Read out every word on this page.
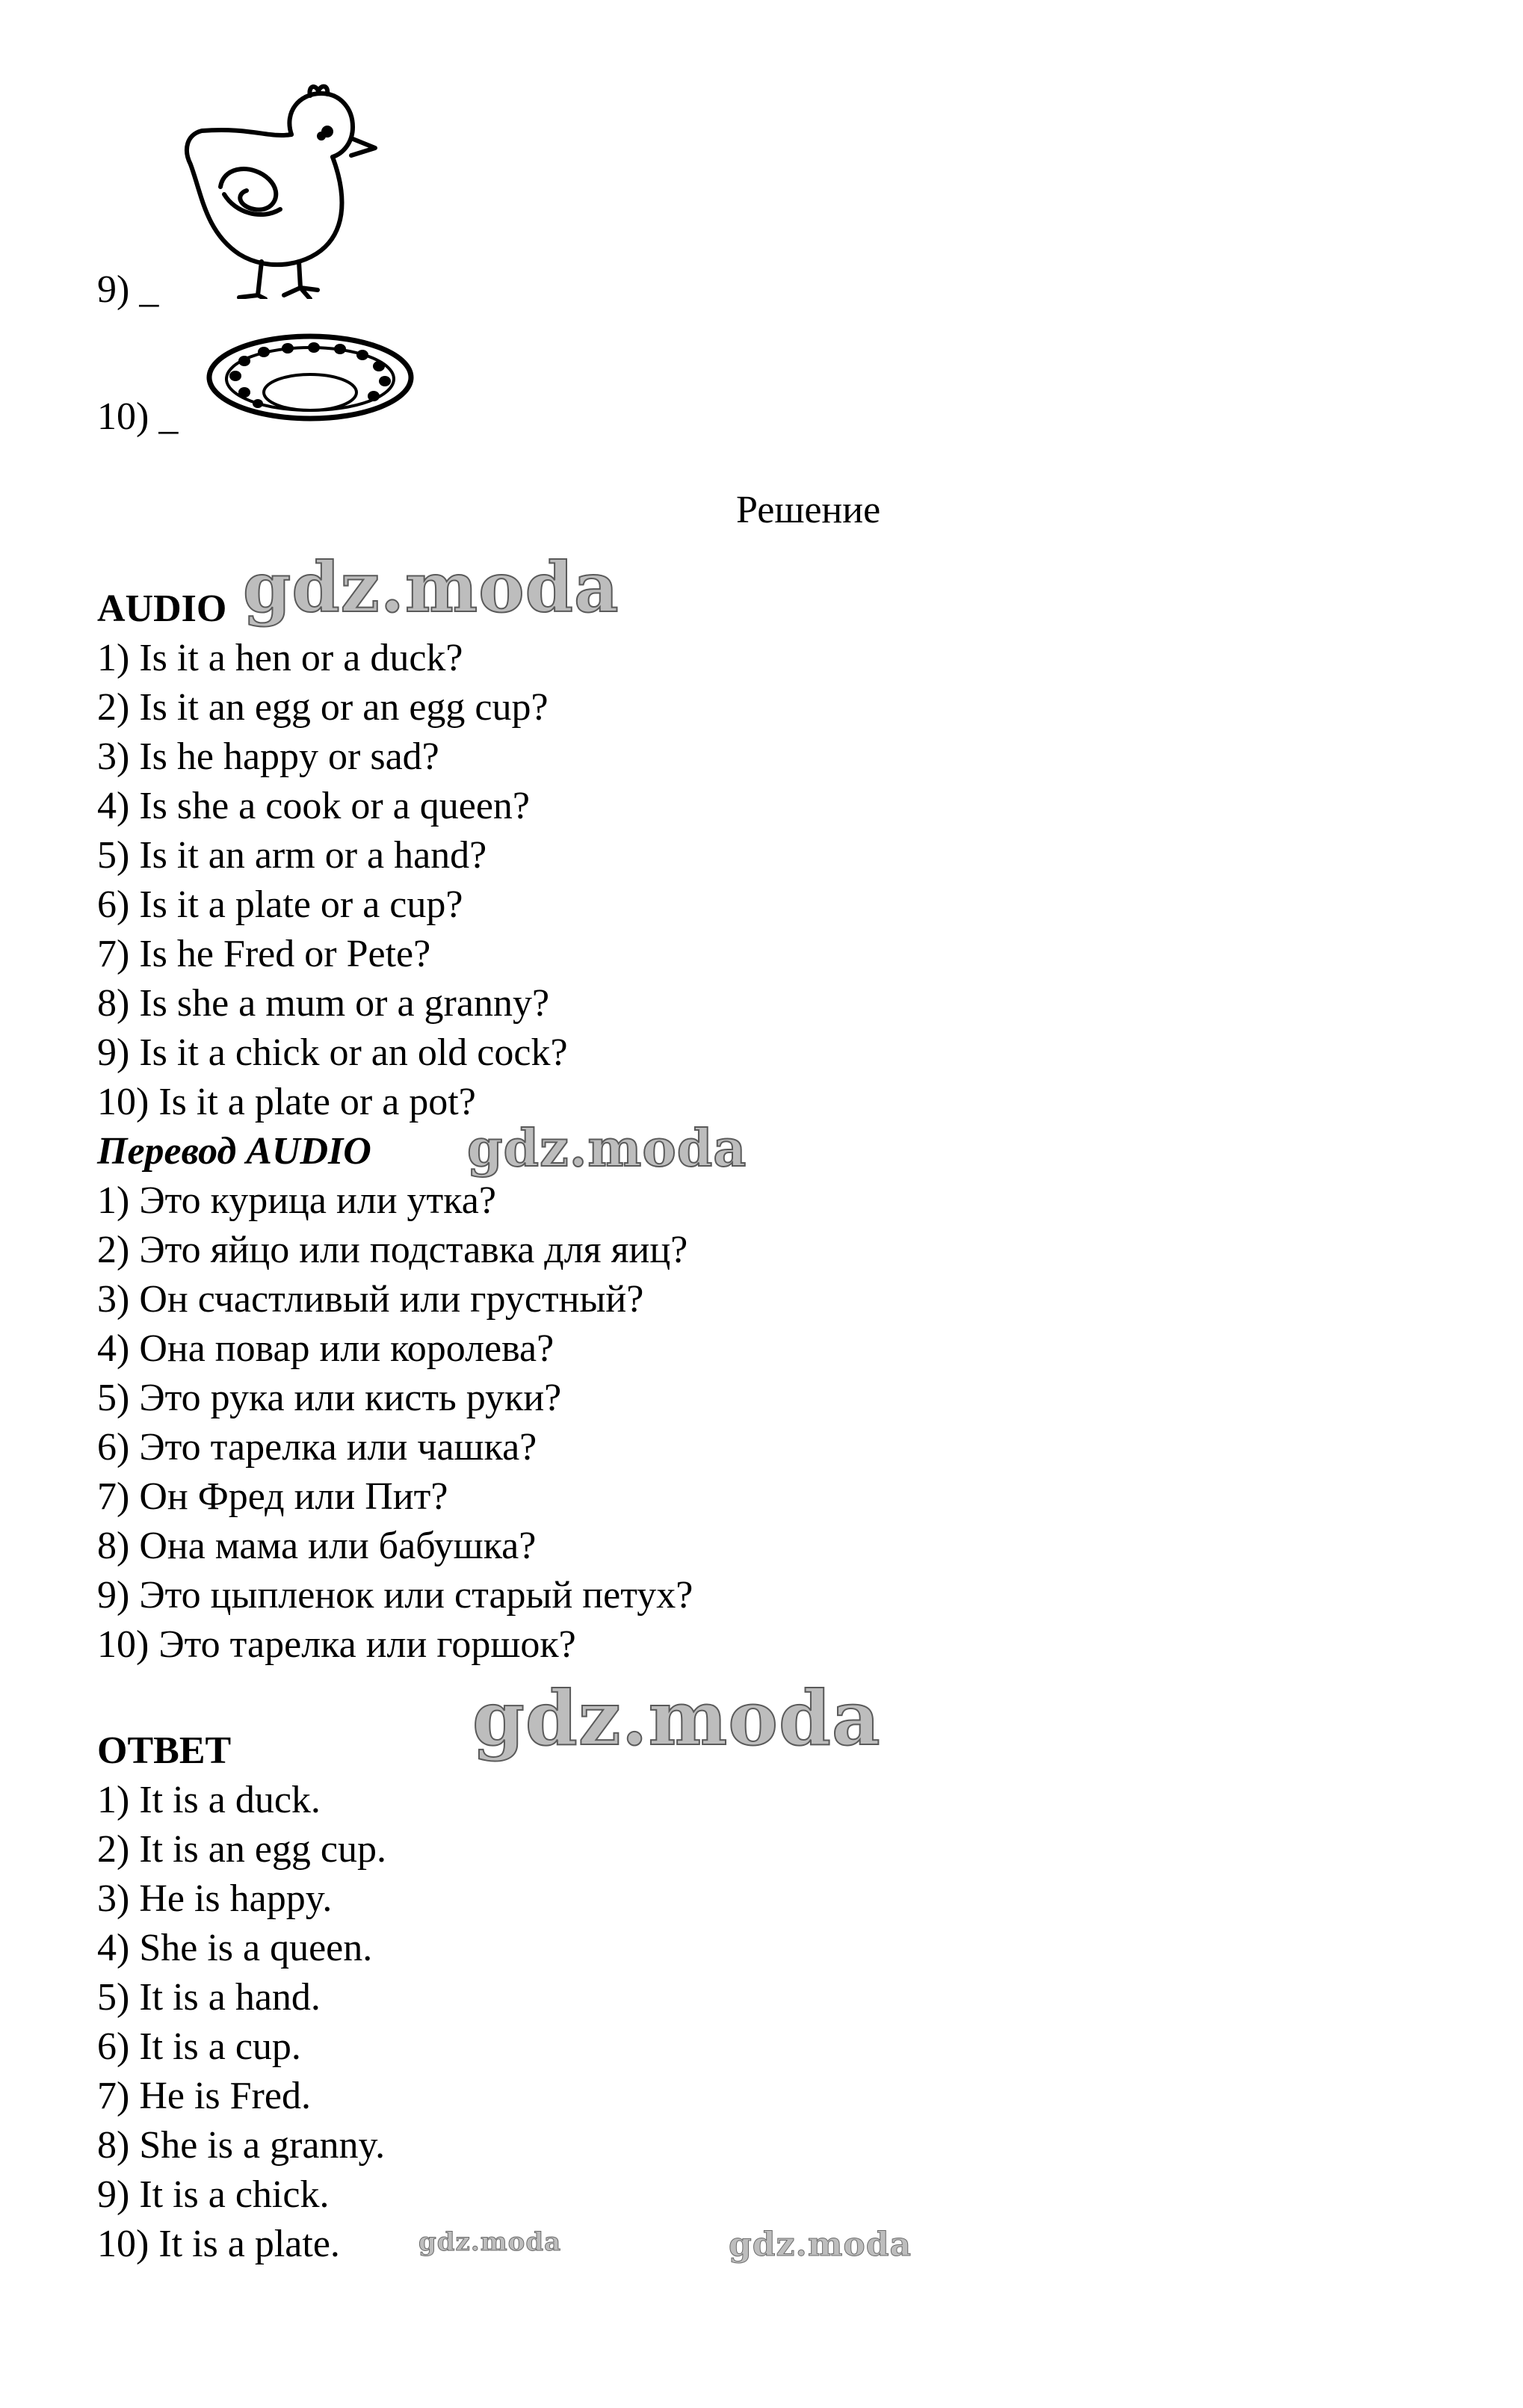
9) _
10) _
Решение
AUDIO gdz.moda
1) Is it a hen or a duck?
2) Is it an egg or an egg cup?
3) Is he happy or sad?
4) Is she a cook or a queen?
5) Is it an arm or a hand?
6) Is it a plate or a cup?
7) Is he Fred or Pete?
8) Is she a mum or a granny?
9) Is it a chick or an old cock?
10) Is it a plate or a pot?
Перевод AUDIO gdz.moda
1) Это курица или утка?
2) Это яйцо или подставка для яиц?
3) Он счастливый или грустный?
4) Она повар или королева?
5) Это рука или кисть руки?
6) Это тарелка или чашка?
7) Он Фред или Пит?
8) Она мама или бабушка?
9) Это цыпленок или старый петух?
10) Это тарелка или горшок?
gdz.moda
ОТВЕТ
1) It is a duck.
2) It is an egg cup.
3) He is happy.
4) She is a queen.
5) It is a hand.
6) It is a cup.
7) He is Fred.
8) She is a granny.
9) It is a chick.
10) It is a plate.	gdz.moda	gdz.moda
